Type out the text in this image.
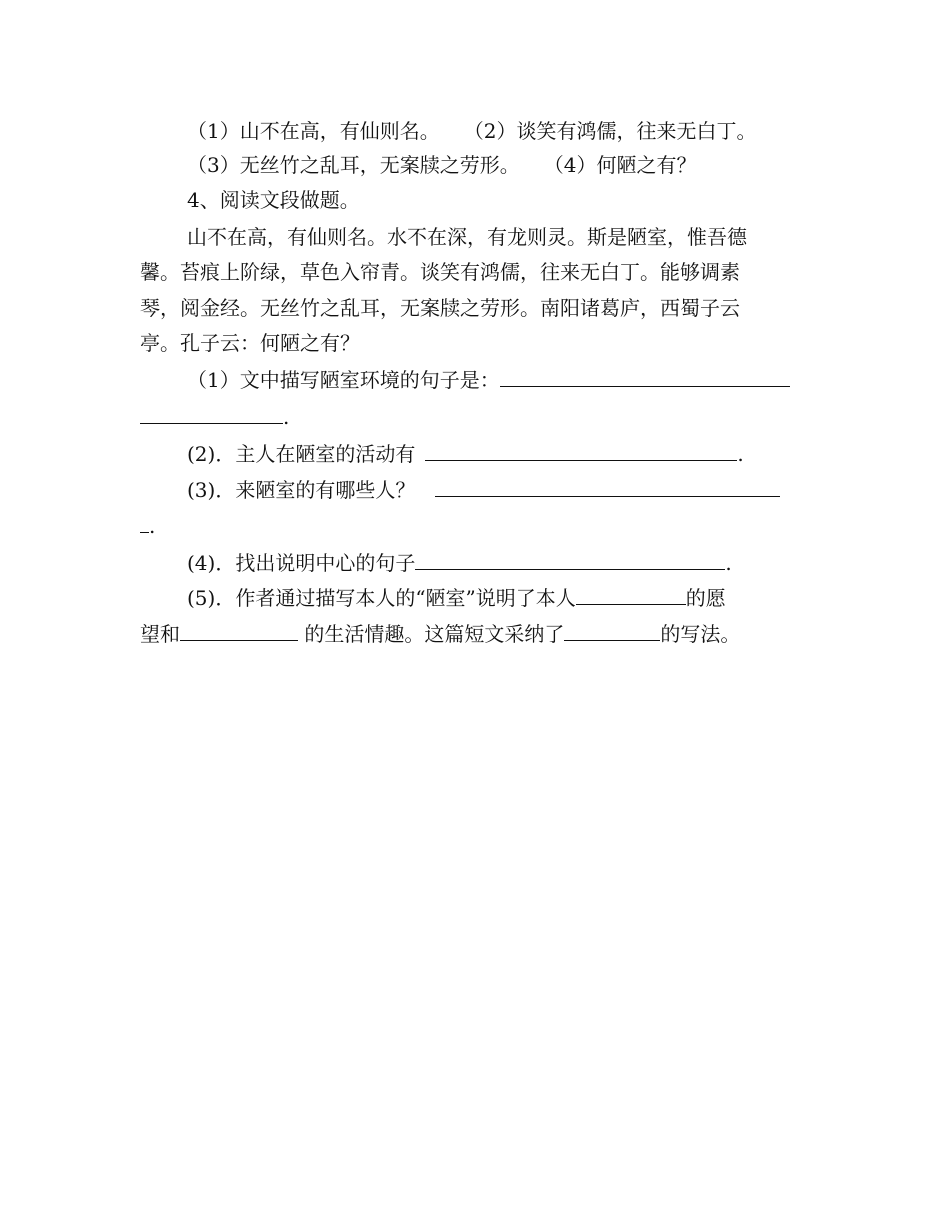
（1）山不在高，有仙则名。 （2）谈笑有鸿儒，往来无白丁。
（3）无丝竹之乱耳，无案牍之劳形。 （4）何陋之有？
4、阅读文段做题。
山不在高，有仙则名。水不在深，有龙则灵。斯是陋室，惟吾德
馨。苔痕上阶绿，草色入帘青。谈笑有鸿儒，往来无白丁。能够调素
琴，阅金经。无丝竹之乱耳，无案牍之劳形。南阳诸葛庐，西蜀子云
亭。孔子云：何陋之有？
（1）文中描写陋室环境的句子是：
.
(2)．主人在陋室的活动有	.
(3)．来陋室的有哪些人？
.
(4)．找出说明中心的句子	.
(5)．作者通过描写本人的“陋室”说明了本人	的愿
望和	的生活情趣。这篇短文采纳了	的写法。
